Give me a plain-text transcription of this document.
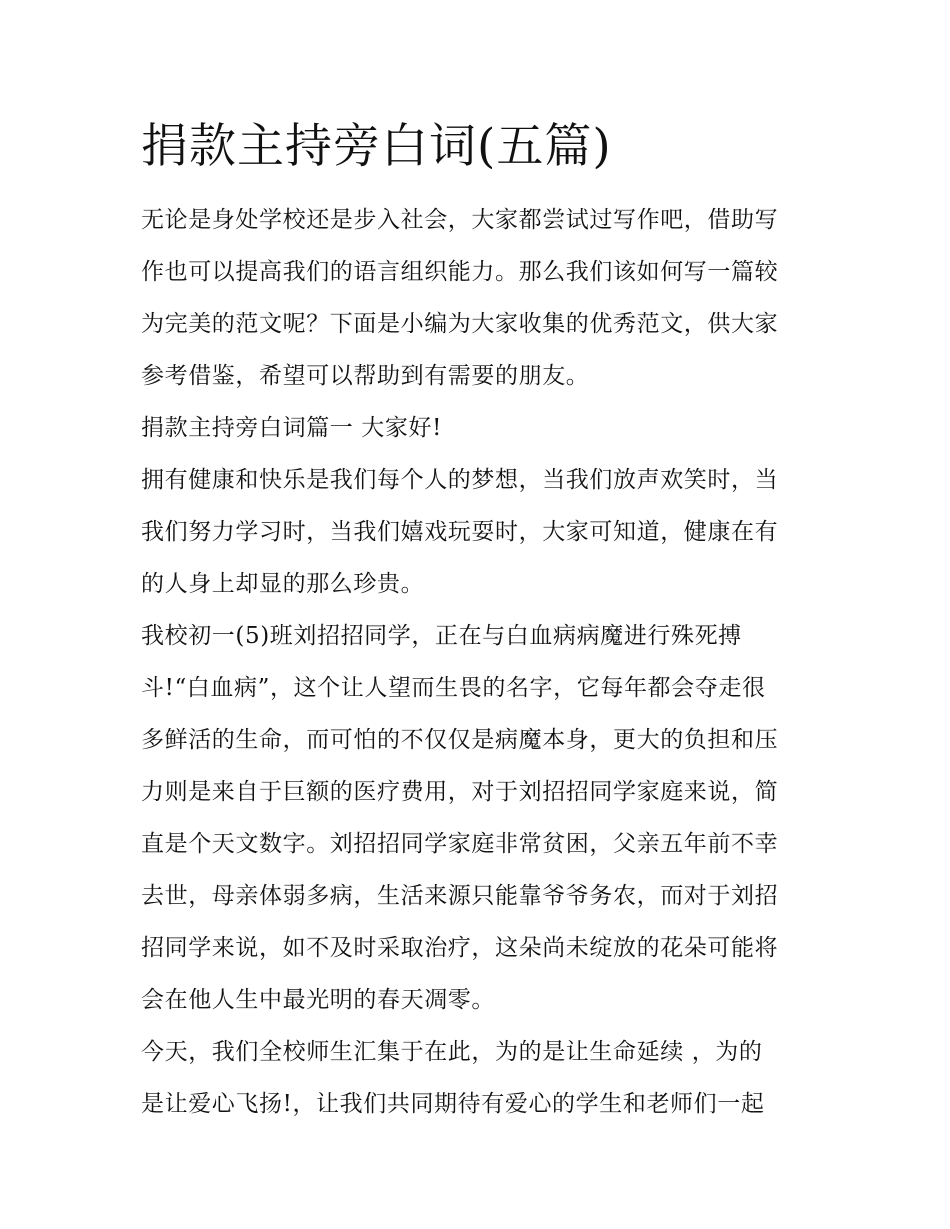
捐款主持旁白词(五篇)
无论是身处学校还是步入社会，大家都尝试过写作吧，借助写
作也可以提高我们的语言组织能力。那么我们该如何写一篇较
为完美的范文呢？下面是小编为大家收集的优秀范文，供大家
参考借鉴，希望可以帮助到有需要的朋友。
捐款主持旁白词篇一 大家好!
拥有健康和快乐是我们每个人的梦想，当我们放声欢笑时，当
我们努力学习时，当我们嬉戏玩耍时，大家可知道，健康在有
的人身上却显的那么珍贵。
我校初一(5)班刘招招同学，正在与白血病病魔进行殊死搏
斗!“白血病”，这个让人望而生畏的名字，它每年都会夺走很
多鲜活的生命，而可怕的不仅仅是病魔本身，更大的负担和压
力则是来自于巨额的医疗费用，对于刘招招同学家庭来说，简
直是个天文数字。刘招招同学家庭非常贫困，父亲五年前不幸
去世，母亲体弱多病，生活来源只能靠爷爷务农，而对于刘招
招同学来说，如不及时采取治疗，这朵尚未绽放的花朵可能将
会在他人生中最光明的春天凋零。
今天，我们全校师生汇集于在此，为的是让生命延续 ，为的
是让爱心飞扬!，让我们共同期待有爱心的学生和老师们一起
